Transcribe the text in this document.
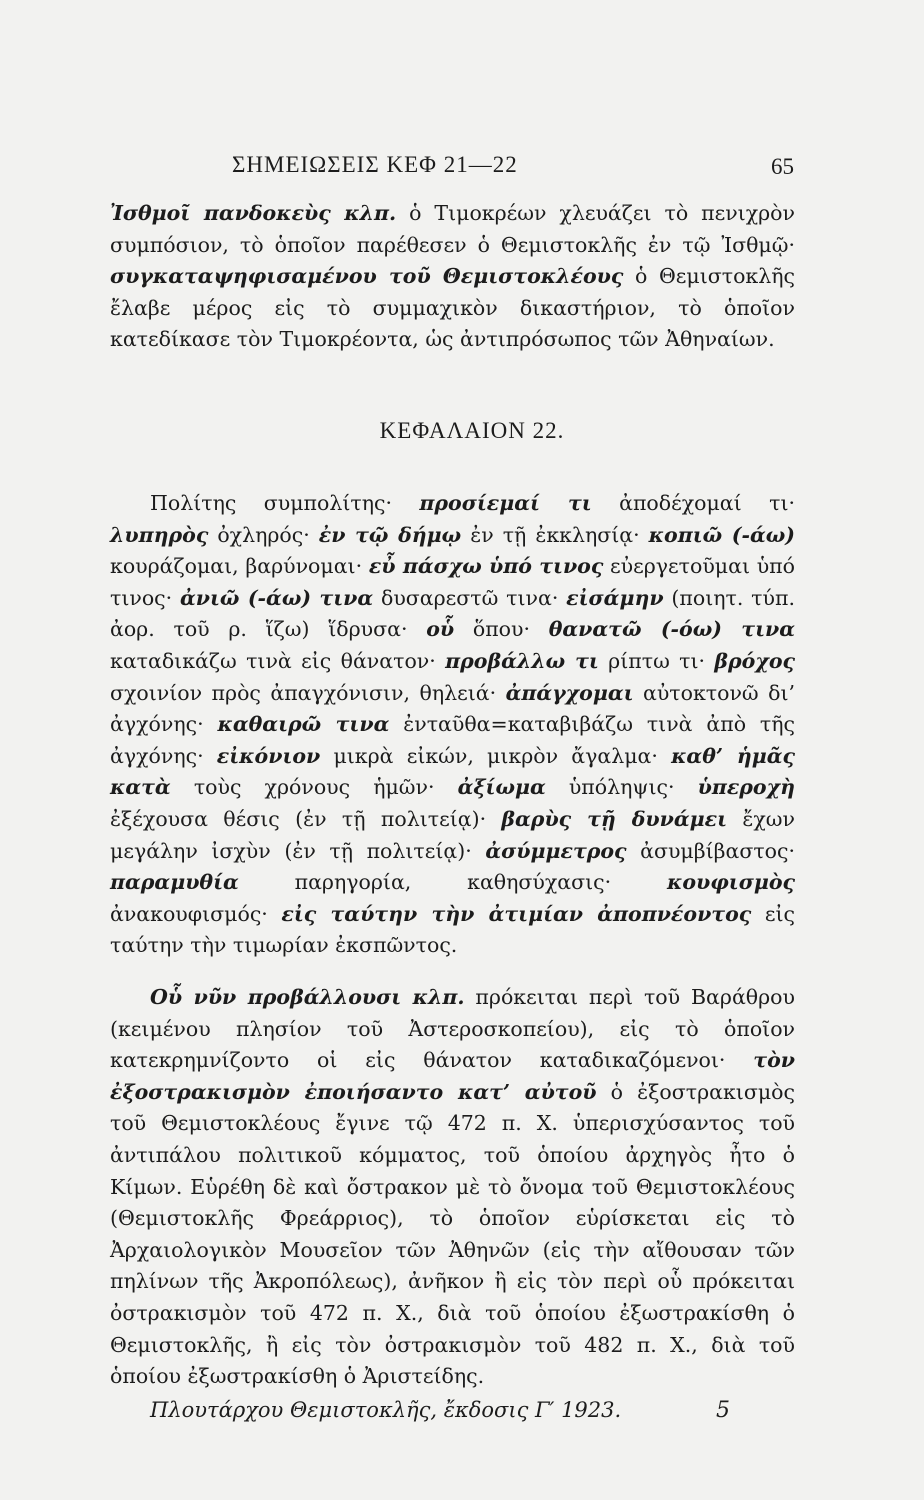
ΣΗΜΕΙΩΣΕΙΣ ΚΕΦ 21—22	65
Ἰσθμοῖ πανδοκεὺς κλπ. ὁ Τιμοκρέων χλευάζει τὸ πενιχρὸν συμπόσιον, τὸ ὁποῖον παρέθεσεν ὁ Θεμιστοκλῆς ἐν τῷ Ἰσθμῷ· συγκαταψηφισαμένου τοῦ Θεμιστοκλέους ὁ Θεμιστοκλῆς ἔλαβε μέρος εἰς τὸ συμμαχικὸν δικαστήριον, τὸ ὁποῖον κατεδίκασε τὸν Τιμοκρέοντα, ὡς ἀντιπρόσωπος τῶν Ἀθηναίων.
ΚΕΦΑΛΑΙΟΝ 22.
Πολίτης συμπολίτης· προσίεμαί τι ἀποδέχομαί τι· λυπηρὸς ὀχληρός· ἐν τῷ δήμῳ ἐν τῇ ἐκκλησίᾳ· κοπιῶ (-άω) κουράζομαι, βαρύνομαι· εὖ πάσχω ὑπό τινος εὐεργετοῦμαι ὑπό τινος· ἀνιῶ (-άω) τινα δυσαρεστῶ τινα· εἰσάμην (ποιητ. τύπ. ἀορ. τοῦ ρ. ἵζω) ἵδρυσα· οὗ ὅπου· θανατῶ (-όω) τινα καταδικάζω τινὰ εἰς θάνατον· προβάλλω τι ρίπτω τι· βρόχος σχοινίον πρὸς ἀπαγχόνισιν, θηλειά· ἀπάγχομαι αὐτοκτονῶ δι’ ἀγχόνης· καθαιρῶ τινα ἐνταῦθα=καταβιβάζω τινὰ ἀπὸ τῆς ἀγχόνης· εἰκόνιον μικρὰ εἰκών, μικρὸν ἄγαλμα· καθ’ ἡμᾶς κατὰ τοὺς χρόνους ἡμῶν· ἀξίωμα ὑπόληψις· ὑπεροχὴ ἐξέχουσα θέσις (ἐν τῇ πολιτείᾳ)· βαρὺς τῇ δυνάμει ἔχων μεγάλην ἰσχὺν (ἐν τῇ πολιτείᾳ)· ἀσύμμετρος ἀσυμβίβαστος· παραμυθία παρηγορία, καθησύχασις· κουφισμὸς ἀνακουφισμός· εἰς ταύτην τὴν ἀτιμίαν ἀποπνέοντος εἰς ταύτην τὴν τιμωρίαν ἐκσπῶντος.
Οὗ νῦν προβάλλουσι κλπ. πρόκειται περὶ τοῦ Βαράθρου (κειμένου πλησίον τοῦ Ἀστεροσκοπείου), εἰς τὸ ὁποῖον κατεκρημνίζοντο οἱ εἰς θάνατον καταδικαζόμενοι· τὸν ἐξοστρακισμὸν ἐποιήσαντο κατ’ αὐτοῦ ὁ ἐξοστρακισμὸς τοῦ Θεμιστοκλέους ἔγινε τῷ 472 π. Χ. ὑπερισχύσαντος τοῦ ἀντιπάλου πολιτικοῦ κόμματος, τοῦ ὁποίου ἀρχηγὸς ἦτο ὁ Κίμων. Εὑρέθη δὲ καὶ ὄστρακον μὲ τὸ ὄνομα τοῦ Θεμιστοκλέους (Θεμιστοκλῆς Φρεάρριος), τὸ ὁποῖον εὑρίσκεται εἰς τὸ Ἀρχαιολογικὸν Μουσεῖον τῶν Ἀθηνῶν (εἰς τὴν αἴθουσαν τῶν πηλίνων τῆς Ἀκροπόλεως), ἀνῆκον ἢ εἰς τὸν περὶ οὗ πρόκειται ὀστρακισμὸν τοῦ 472 π. Χ., διὰ τοῦ ὁποίου ἐξωστρακίσθη ὁ Θεμιστοκλῆς, ἢ εἰς τὸν ὀστρακισμὸν τοῦ 482 π. Χ., διὰ τοῦ ὁποίου ἐξωστρακίσθη ὁ Ἀριστείδης.
Πλουτάρχου Θεμιστοκλῆς, ἔκδοσις Γ′ 1923.	5
